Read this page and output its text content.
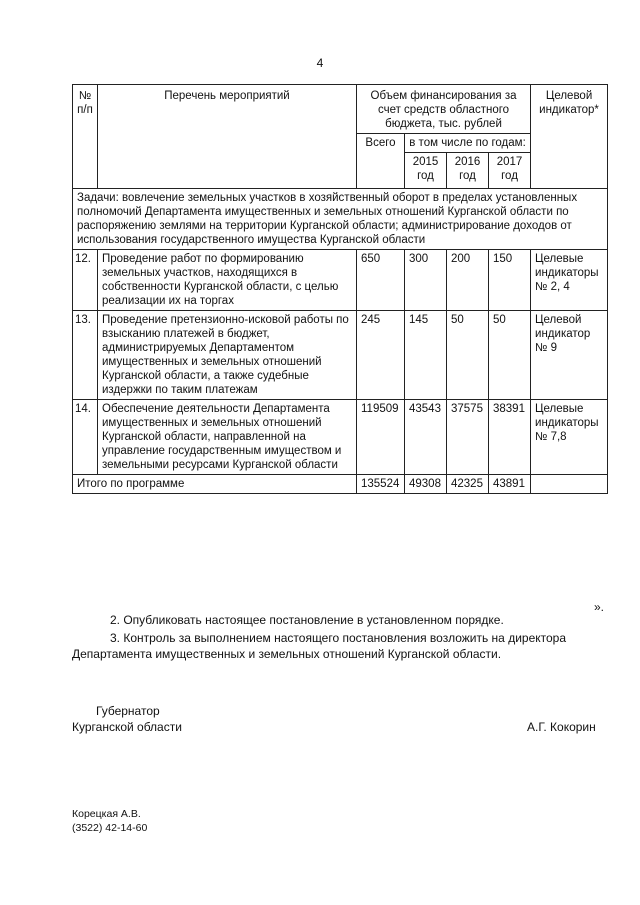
4
№ п/п	Перечень мероприятий	Объем финансирования за счет средств областного бюджета, тыс. рублей				Целевой индикатор*
		Всего	в том числе по годам:			
			2015 год	2016 год	2017 год	
Задачи: вовлечение земельных участков в хозяйственный оборот в пределах установленных полномочий Департамента имущественных и земельных отношений Курганской области по распоряжению землями на территории Курганской области; администрирование доходов от использования государственного имущества Курганской области						
12.	Проведение работ по формированию земельных участков, находящихся в собственности Курганской области, с целью реализации их на торгах	650	300	200	150	Целевые индикаторы № 2, 4
13.	Проведение претензионно-исковой работы по взысканию платежей в бюджет, администрируемых Департаментом имущественных и земельных отношений Курганской области, а также судебные издержки по таким платежам	245	145	50	50	Целевой индикатор № 9
14.	Обеспечение деятельности Департамента имущественных и земельных отношений Курганской области, направленной на управление государственным имуществом и земельными ресурсами Курганской области	119509	43543	37575	38391	Целевые индикаторы № 7,8
Итого по программе		135524	49308	42325	43891	
».
2. Опубликовать настоящее постановление в установленном порядке.
3. Контроль за выполнением настоящего постановления возложить на директора
Департамента имущественных и земельных отношений Курганской области.
Губернатор
Курганской области	А.Г. Кокорин
Корецкая А.В.
(3522) 42-14-60
